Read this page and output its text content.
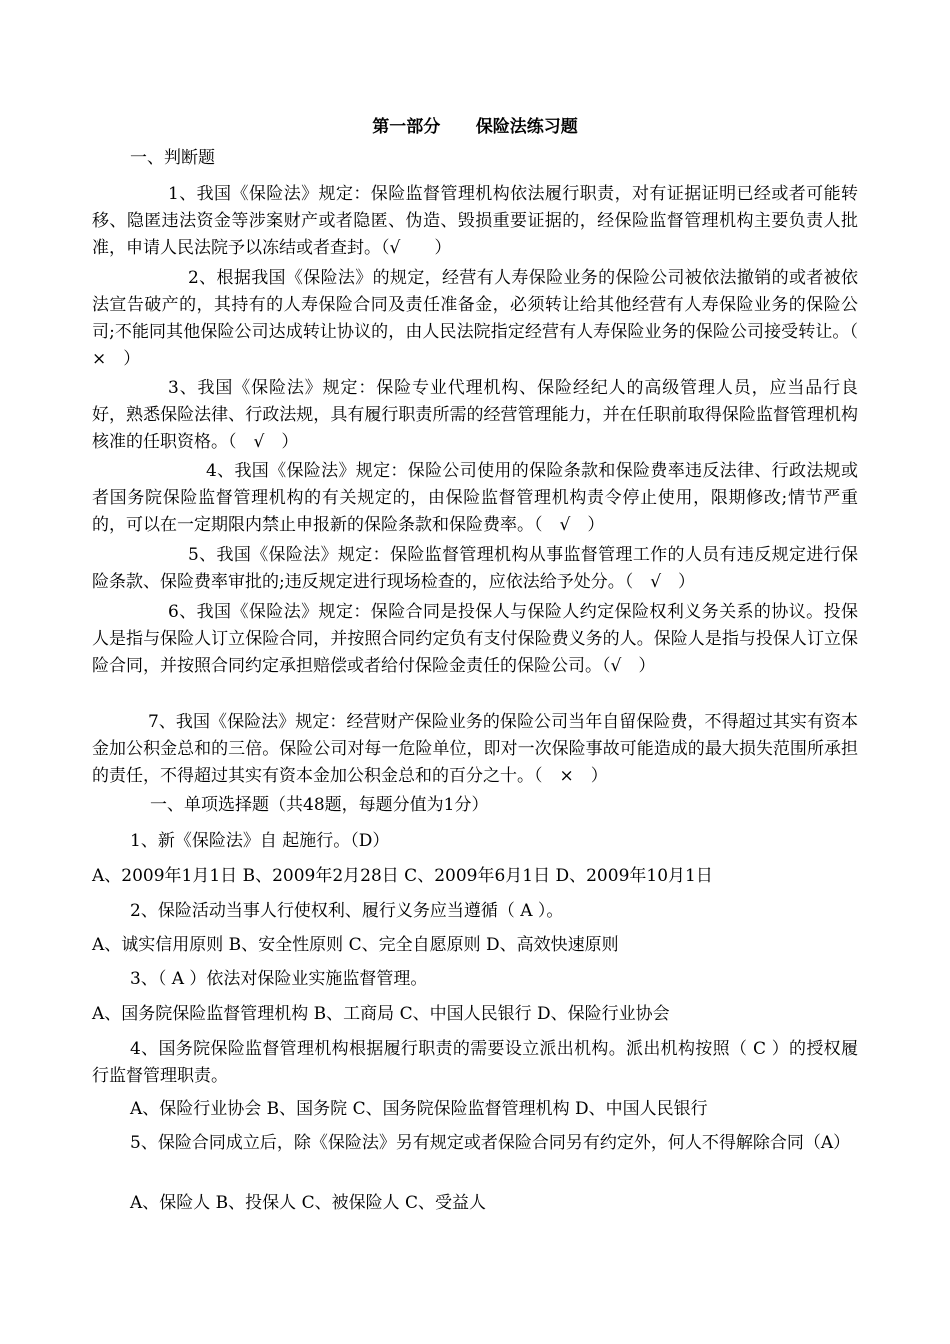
第一部分      保险法练习题
一、判断题

1、我国《保险法》规定：保险监督管理机构依法履行职责，对有证据证明已经或者可能转移、隐匿违法资金等涉案财产或者隐匿、伪造、毁损重要证据的，经保险监督管理机构主要负责人批准，申请人民法院予以冻结或者查封。（√　　）

2、根据我国《保险法》的规定，经营有人寿保险业务的保险公司被依法撤销的或者被依法宣告破产的，其持有的人寿保险合同及责任准备金，必须转让给其他经营有人寿保险业务的保险公司;不能同其他保险公司达成转让协议的，由人民法院指定经营有人寿保险业务的保险公司接受转让。（　×　）

3、我国《保险法》规定：保险专业代理机构、保险经纪人的高级管理人员，应当品行良好，熟悉保险法律、行政法规，具有履行职责所需的经营管理能力，并在任职前取得保险监督管理机构核准的任职资格。（　√　）

4、我国《保险法》规定：保险公司使用的保险条款和保险费率违反法律、行政法规或者国务院保险监督管理机构的有关规定的，由保险监督管理机构责令停止使用，限期修改;情节严重的，可以在一定期限内禁止申报新的保险条款和保险费率。（　√　）

5、我国《保险法》规定：保险监督管理机构从事监督管理工作的人员有违反规定进行保险条款、保险费率审批的;违反规定进行现场检查的，应依法给予处分。（　√　）

6、我国《保险法》规定：保险合同是投保人与保险人约定保险权利义务关系的协议。投保人是指与保险人订立保险合同，并按照合同约定负有支付保险费义务的人。保险人是指与投保人订立保险合同，并按照合同约定承担赔偿或者给付保险金责任的保险公司。（√　）

7、我国《保险法》规定：经营财产保险业务的保险公司当年自留保险费，不得超过其实有资本金加公积金总和的三倍。保险公司对每一危险单位，即对一次保险事故可能造成的最大损失范围所承担的责任，不得超过其实有资本金加公积金总和的百分之十。（　×　）

一、单项选择题（共48题，每题分值为1分）
1、新《保险法》自 起施行。（D）
A、2009年1月1日 B、2009年2月28日 C、2009年6月1日 D、2009年10月1日
2、保险活动当事人行使权利、履行义务应当遵循（ A ）。
A、诚实信用原则 B、安全性原则 C、完全自愿原则 D、高效快速原则
3、（ A ）依法对保险业实施监督管理。
A、国务院保险监督管理机构 B、工商局 C、中国人民银行 D、保险行业协会

4、国务院保险监督管理机构根据履行职责的需要设立派出机构。派出机构按照（ C ）的授权履行监督管理职责。

A、保险行业协会 B、国务院 C、国务院保险监督管理机构 D、中国人民银行

5、保险合同成立后，除《保险法》另有规定或者保险合同另有约定外，何人不得解除合同（A）

A、保险人 B、投保人 C、被保险人 C、受益人
